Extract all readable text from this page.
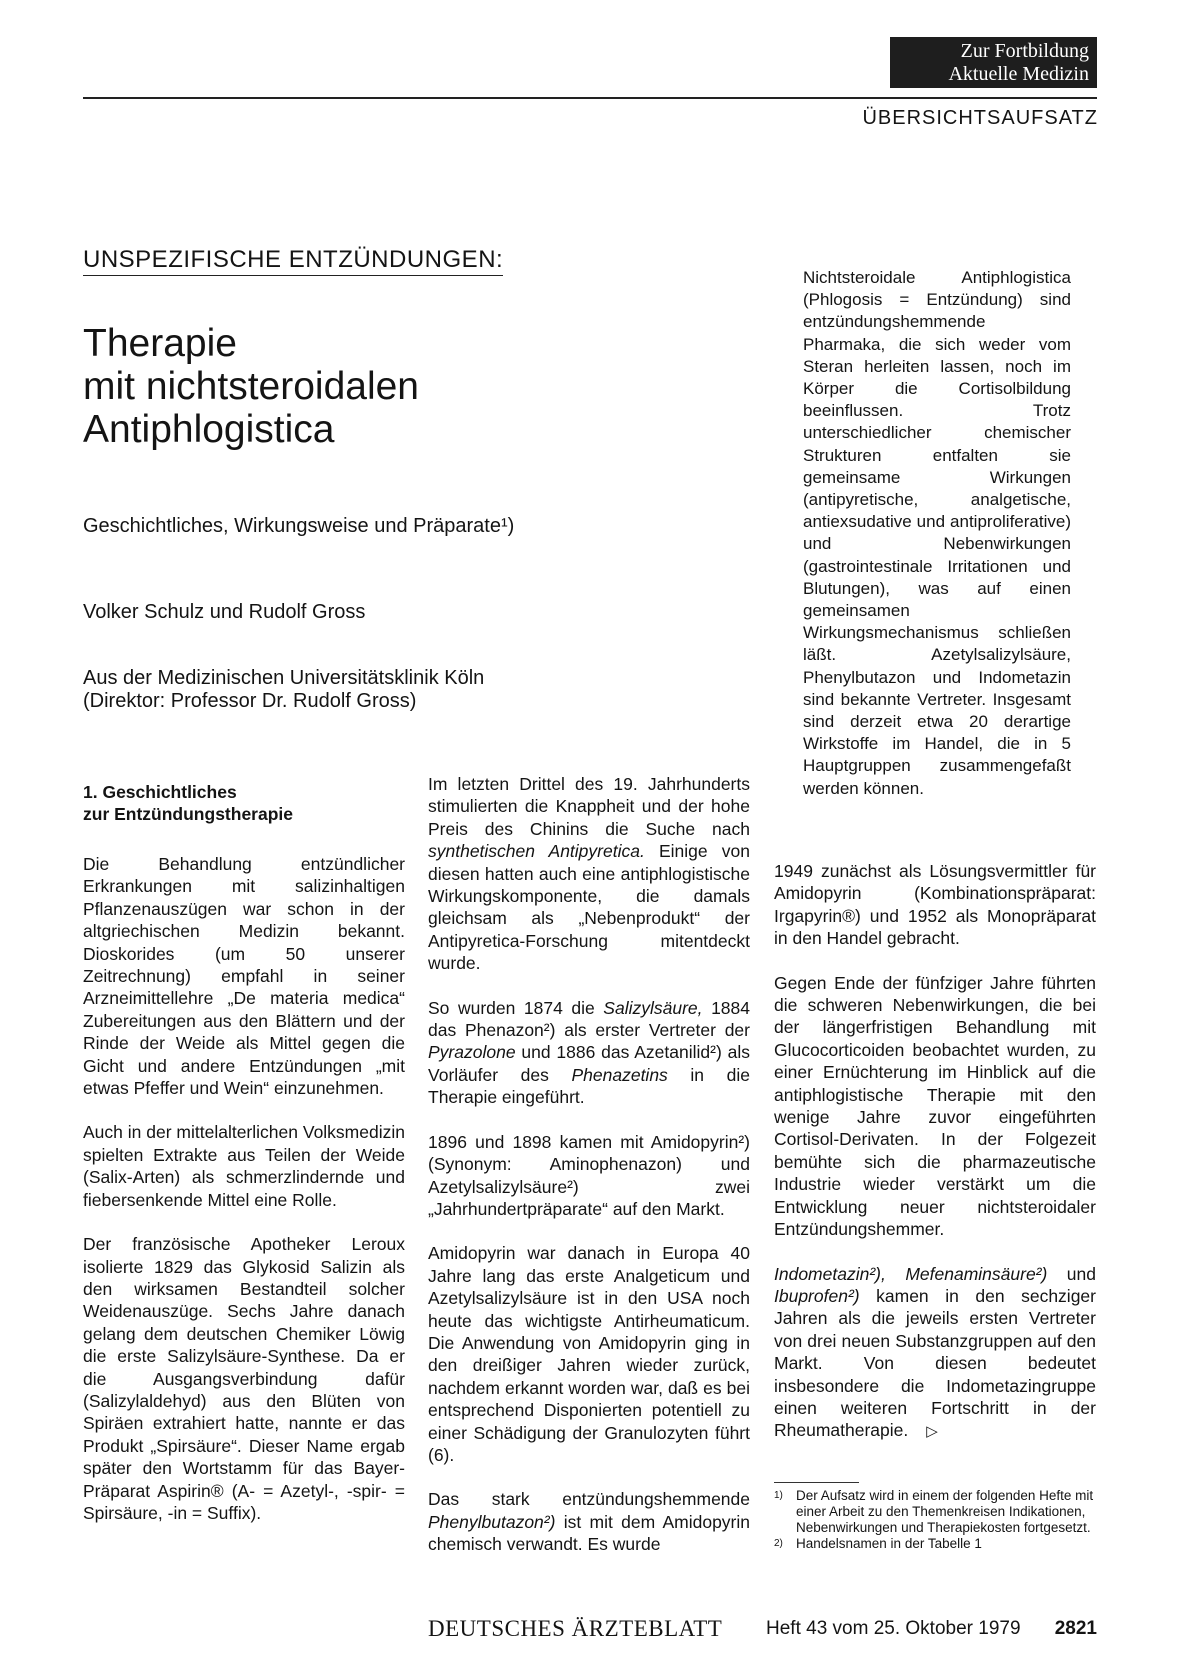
Zur Fortbildung
Aktuelle Medizin
ÜBERSICHTSAUFSATZ
UNSPEZIFISCHE ENTZÜNDUNGEN:
Therapie
mit nichtsteroidalen
Antiphlogistica
Geschichtliches, Wirkungsweise und Präparate¹)
Volker Schulz und Rudolf Gross
Aus der Medizinischen Universitätsklinik Köln
(Direktor: Professor Dr. Rudolf Gross)
Nichtsteroidale Antiphlogistica (Phlogosis = Entzündung) sind entzündungshemmende Pharmaka, die sich weder vom Steran herleiten lassen, noch im Körper die Cortisolbildung beeinflussen. Trotz unterschiedlicher chemischer Strukturen entfalten sie gemeinsame Wirkungen (antipyretische, analgetische, antiexsudative und antiproliferative) und Nebenwirkungen (gastrointestinale Irritationen und Blutungen), was auf einen gemeinsamen Wirkungsmechanismus schließen läßt. Azetylsalizylsäure, Phenylbutazon und Indometazin sind bekannte Vertreter. Insgesamt sind derzeit etwa 20 derartige Wirkstoffe im Handel, die in 5 Hauptgruppen zusammengefaßt werden können.
1. Geschichtliches
zur Entzündungstherapie

Die Behandlung entzündlicher Erkrankungen mit salizinhaltigen Pflanzenauszügen war schon in der altgriechischen Medizin bekannt. Dioskorides (um 50 unserer Zeitrechnung) empfahl in seiner Arzneimittellehre „De materia medica“ Zubereitungen aus den Blättern und der Rinde der Weide als Mittel gegen die Gicht und andere Entzündungen „mit etwas Pfeffer und Wein“ einzunehmen.

Auch in der mittelalterlichen Volksmedizin spielten Extrakte aus Teilen der Weide (Salix-Arten) als schmerzlindernde und fiebersenkende Mittel eine Rolle.

Der französische Apotheker Leroux isolierte 1829 das Glykosid Salizin als den wirksamen Bestandteil solcher Weidenauszüge. Sechs Jahre danach gelang dem deutschen Chemiker Löwig die erste Salizylsäure-Synthese. Da er die Ausgangsverbindung dafür (Salizylaldehyd) aus den Blüten von Spiräen extrahiert hatte, nannte er das Produkt „Spirsäure“. Dieser Name ergab später den Wortstamm für das Bayer-Präparat Aspirin® (A- = Azetyl-, -spir- = Spirsäure, -in = Suffix).

Im letzten Drittel des 19. Jahrhunderts stimulierten die Knappheit und der hohe Preis des Chinins die Suche nach synthetischen Antipyretica. Einige von diesen hatten auch eine antiphlogistische Wirkungskomponente, die damals gleichsam als „Nebenprodukt“ der Antipyretica-Forschung mitentdeckt wurde.

So wurden 1874 die Salizylsäure, 1884 das Phenazon²) als erster Vertreter der Pyrazolone und 1886 das Azetanilid²) als Vorläufer des Phenazetins in die Therapie eingeführt.

1896 und 1898 kamen mit Amidopyrin²) (Synonym: Aminophenazon) und Azetylsalizylsäure²) zwei „Jahrhundertpräparate“ auf den Markt.

Amidopyrin war danach in Europa 40 Jahre lang das erste Analgeticum und Azetylsalizylsäure ist in den USA noch heute das wichtigste Antirheumaticum. Die Anwendung von Amidopyrin ging in den dreißiger Jahren wieder zurück, nachdem erkannt worden war, daß es bei entsprechend Disponierten potentiell zu einer Schädigung der Granulozyten führt (6).

Das stark entzündungshemmende Phenylbutazon²) ist mit dem Amidopyrin chemisch verwandt. Es wurde

1949 zunächst als Lösungsvermittler für Amidopyrin (Kombinationspräparat: Irgapyrin®) und 1952 als Monopräparat in den Handel gebracht.

Gegen Ende der fünfziger Jahre führten die schweren Nebenwirkungen, die bei der längerfristigen Behandlung mit Glucocorticoiden beobachtet wurden, zu einer Ernüchterung im Hinblick auf die antiphlogistische Therapie mit den wenige Jahre zuvor eingeführten Cortisol-Derivaten. In der Folgezeit bemühte sich die pharmazeutische Industrie wieder verstärkt um die Entwicklung neuer nichtsteroidaler Entzündungshemmer.

Indometazin²), Mefenaminsäure²) und Ibuprofen²) kamen in den sechziger Jahren als die jeweils ersten Vertreter von drei neuen Substanzgruppen auf den Markt. Von diesen bedeutet insbesondere die Indometazingruppe einen weiteren Fortschritt in der Rheumatherapie. ▷

1) Der Aufsatz wird in einem der folgenden Hefte mit einer Arbeit zu den Themenkreisen Indikationen, Nebenwirkungen und Therapiekosten fortgesetzt.

2) Handelsnamen in der Tabelle 1

DEUTSCHES ÄRZTEBLATT Heft 43 vom 25. Oktober 1979 2821
